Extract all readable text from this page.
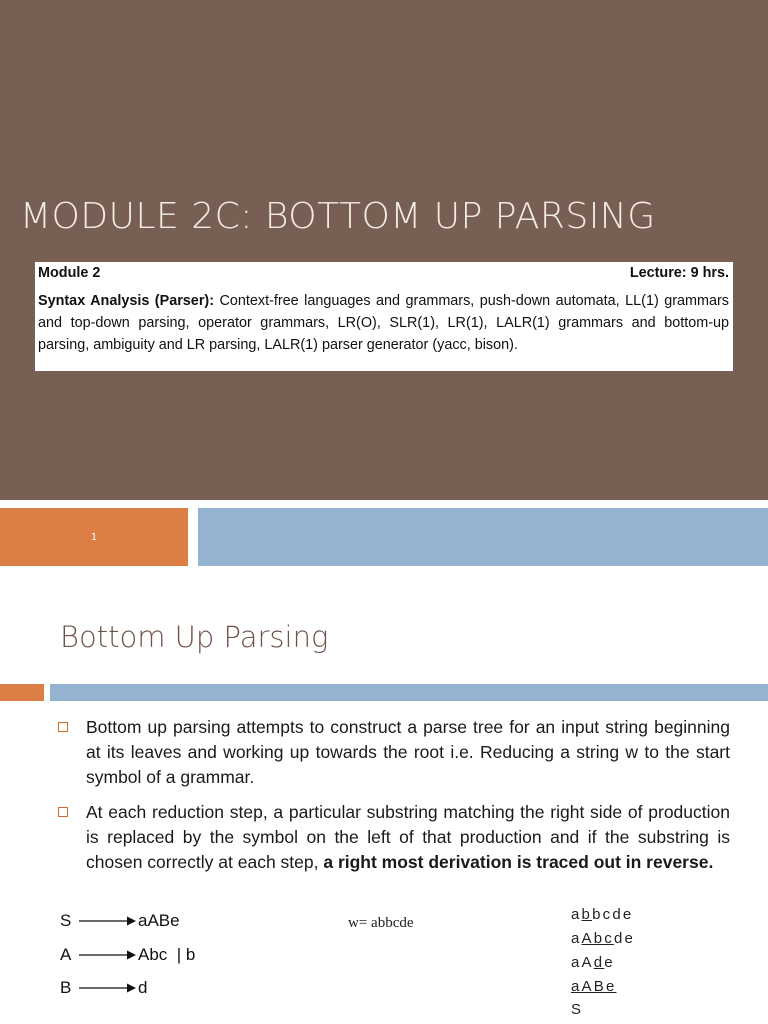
MODULE 2C: BOTTOM UP PARSING
Module 2	Lecture: 9 hrs.
Syntax Analysis (Parser): Context-free languages and grammars, push-down automata, LL(1) grammars and top-down parsing, operator grammars, LR(O), SLR(1), LR(1), LALR(1) grammars and bottom-up parsing, ambiguity and LR parsing, LALR(1) parser generator (yacc, bison).
1
Bottom Up Parsing
Bottom up parsing attempts to construct a parse tree for an input string beginning at its leaves and working up towards the root i.e. Reducing a string w to the start symbol of a grammar.
At each reduction step, a particular substring matching the right side of production is replaced by the symbol on the left of that production and if the substring is chosen correctly at each step, a right most derivation is traced out in reverse.
S	aABe
A	Abc  | b
B	d
w= abbcde	abbcde
aAbcde
aAde
aABe
S
